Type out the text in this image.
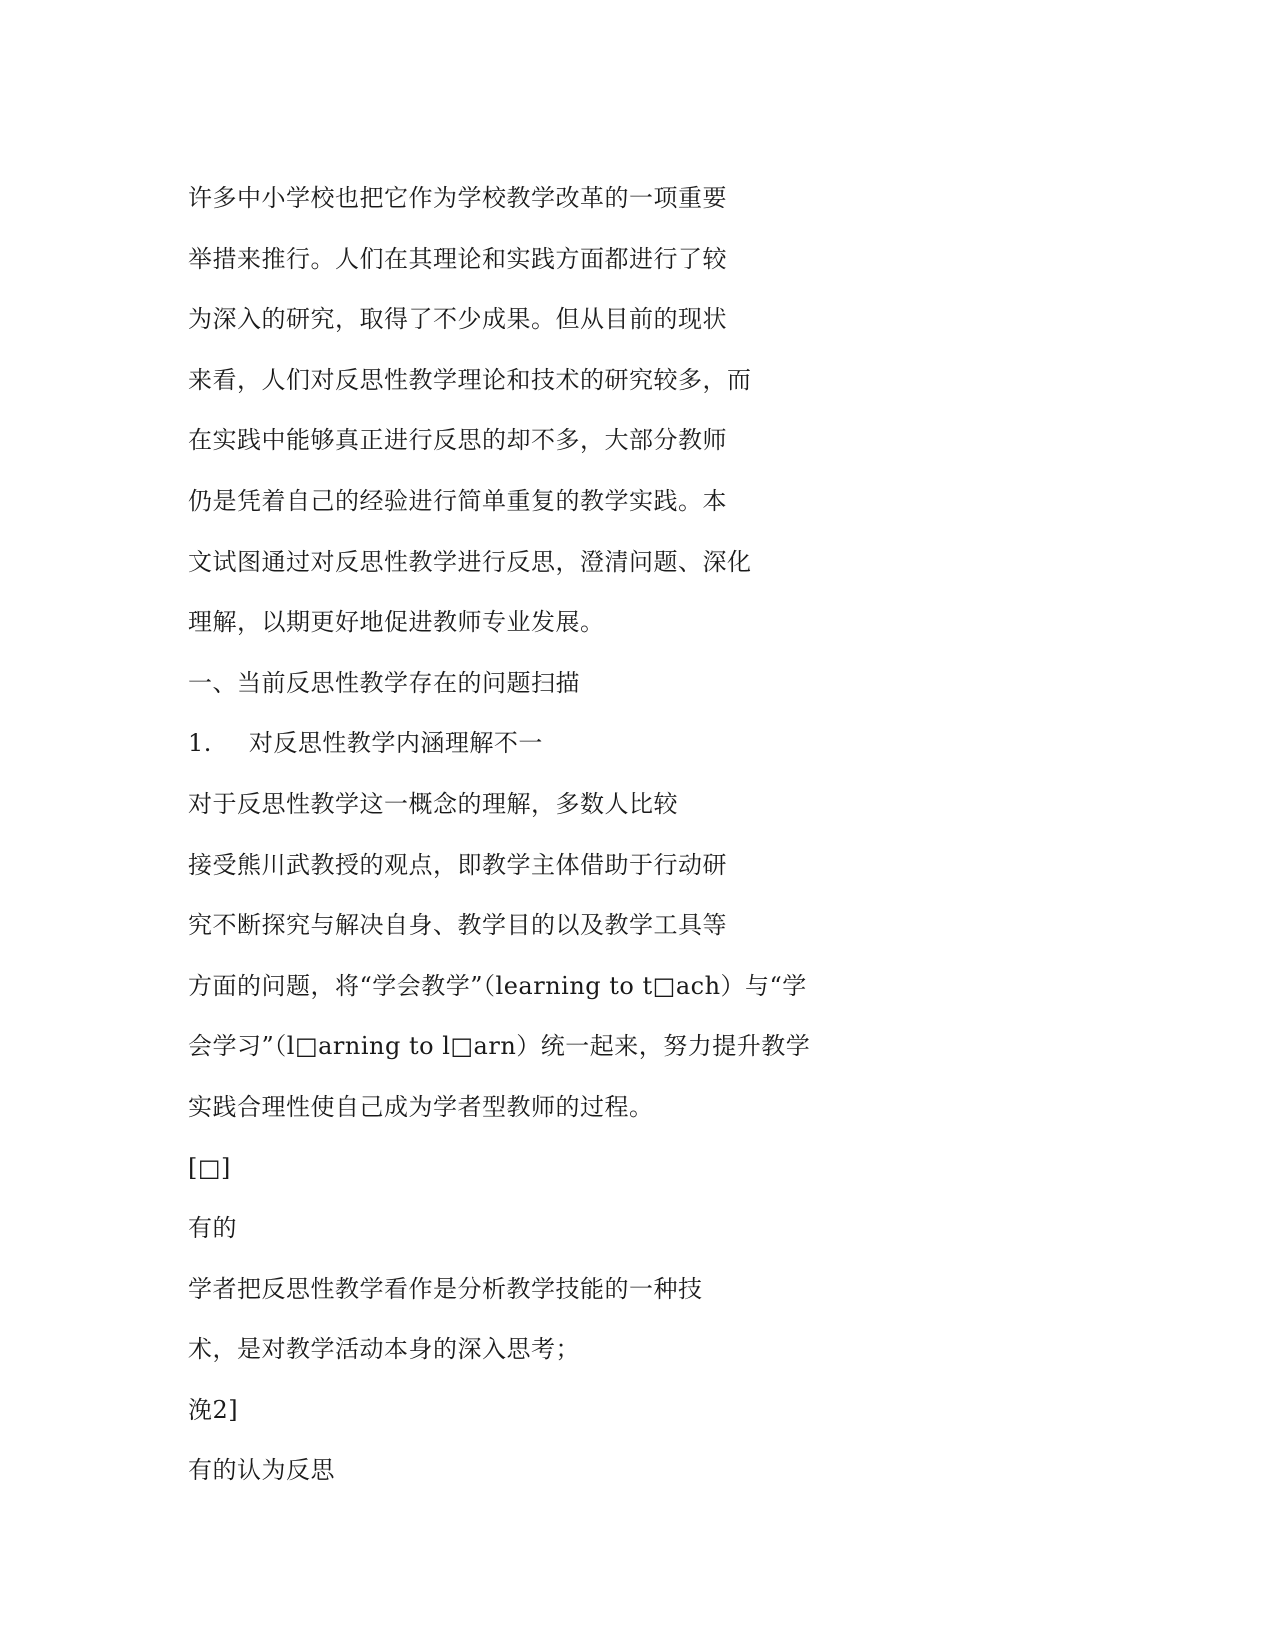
许多中小学校也把它作为学校教学改革的一项重要
举措来推行。人们在其理论和实践方面都进行了较
为深入的研究，取得了不少成果。但从目前的现状
来看，人们对反思性教学理论和技术的研究较多，而
在实践中能够真正进行反思的却不多，大部分教师
仍是凭着自己的经验进行简单重复的教学实践。本
文试图通过对反思性教学进行反思，澄清问题、深化
理解，以期更好地促进教师专业发展。
一、当前反思性教学存在的问题扫描
1.　 对反思性教学内涵理解不一
对于反思性教学这一概念的理解，多数人比较
接受熊川武教授的观点，即教学主体借助于行动研
究不断探究与解决自身、教学目的以及教学工具等
方面的问题，将“学会教学”（learning to t□ach）与“学
会学习”（l□arning to l□arn）统一起来，努力提升教学
实践合理性使自己成为学者型教师的过程。
[□]
有的
学者把反思性教学看作是分析教学技能的一种技
术，是对教学活动本身的深入思考；
浼2]
有的认为反思
